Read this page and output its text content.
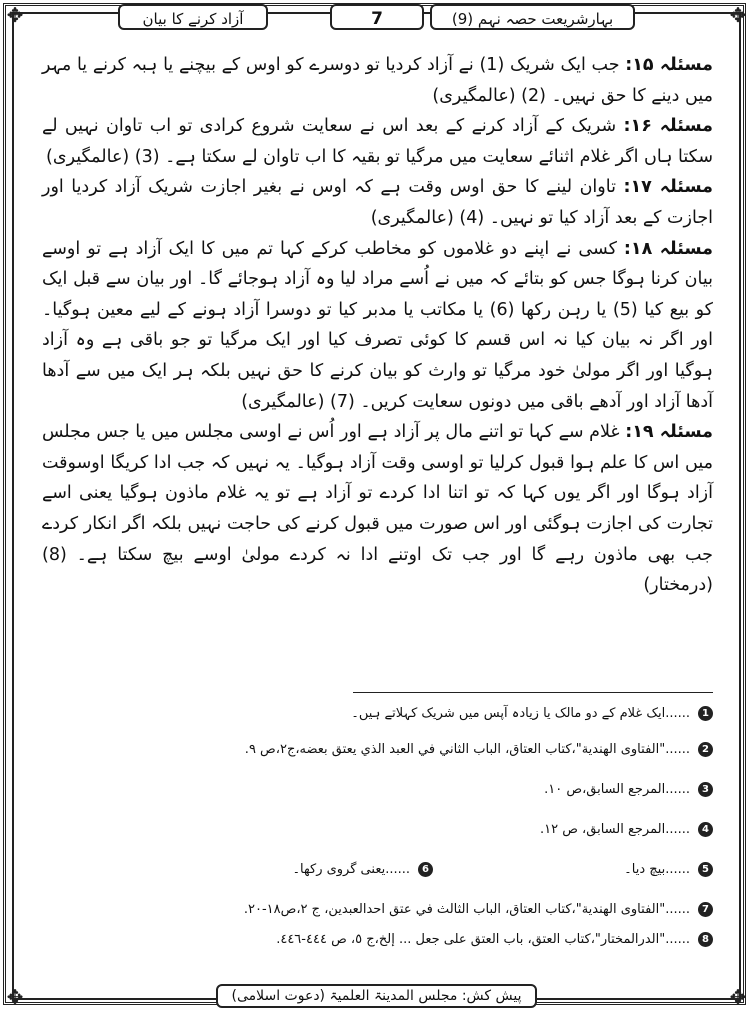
✥	✥
✥	✥
بہارِشریعت حصہ نہم (9)
7
آزاد کرنے کا بیان

مسئلہ ۱۵: جب ایک شریک (1) نے آزاد کردیا تو دوسرے کو اوس کے بیچنے یا ہبہ کرنے یا مہر میں دینے کا حق نہیں۔ (2) (عالمگیری)

مسئلہ ۱۶: شریک کے آزاد کرنے کے بعد اس نے سعایت شروع کرادی تو اب تاوان نہیں لے سکتا ہاں اگر غلام اثنائے سعایت میں مرگیا تو بقیہ کا اب تاوان لے سکتا ہے۔ (3) (عالمگیری)

مسئلہ ۱۷: تاوان لینے کا حق اوس وقت ہے کہ اوس نے بغیر اجازت شریک آزاد کردیا اور اجازت کے بعد آزاد کیا تو نہیں۔ (4) (عالمگیری)

مسئلہ ۱۸: کسی نے اپنے دو غلاموں کو مخاطب کرکے کہا تم میں کا ایک آزاد ہے تو اوسے بیان کرنا ہوگا جس کو بتائے کہ میں نے اُسے مراد لیا وہ آزاد ہوجائے گا۔ اور بیان سے قبل ایک کو بیع کیا (5) یا رہن رکھا (6) یا مکاتب یا مدبر کیا تو دوسرا آزاد ہونے کے لیے معین ہوگیا۔ اور اگر نہ بیان کیا نہ اس قسم کا کوئی تصرف کیا اور ایک مرگیا تو جو باقی ہے وہ آزاد ہوگیا اور اگر مولیٰ خود مرگیا تو وارث کو بیان کرنے کا حق نہیں بلکہ ہر ایک میں سے آدھا آدھا آزاد اور آدھے باقی میں دونوں سعایت کریں۔ (7) (عالمگیری)

مسئلہ ۱۹: غلام سے کہا تو اتنے مال پر آزاد ہے اور اُس نے اوسی مجلس میں یا جس مجلس میں اس کا علم ہوا قبول کرلیا تو اوسی وقت آزاد ہوگیا۔ یہ نہیں کہ جب ادا کریگا اوسوقت آزاد ہوگا اور اگر یوں کہا کہ تو اتنا ادا کردے تو آزاد ہے تو یہ غلام ماذون ہوگیا یعنی اسے تجارت کی اجازت ہوگئی اور اس صورت میں قبول کرنے کی حاجت نہیں بلکہ اگر انکار کردے جب بھی ماذون رہے گا اور جب تک اوتنے ادا نہ کردے مولیٰ اوسے بیچ سکتا ہے۔ (8) (درمختار)

1
......ایک غلام کے دو مالک یا زیادہ آپس میں شریک کہلاتے ہیں۔
2
......"الفتاوی الهندية"،كتاب العتاق، الباب الثاني في العبد الذي يعتق بعضه،ج٢،ص ٩.
3
......المرجع السابق،ص ١٠.
4
......المرجع السابق، ص ١٢.
5
......بیچ دیا۔
6
......یعنی گروی رکھا۔
7
......"الفتاوى الهندية"،كتاب العتاق، الباب الثالث في عتق احدالعبدين، ج ٢،ص١٨-٢٠.
8
......"الدرالمختار"،كتاب العتق، باب العتق على جعل ... إلخ،ج ٥، ص ٤٤٤-٤٤٦.
پیش کش: مجلس المدینۃ العلمیۃ (دعوت اسلامی)
